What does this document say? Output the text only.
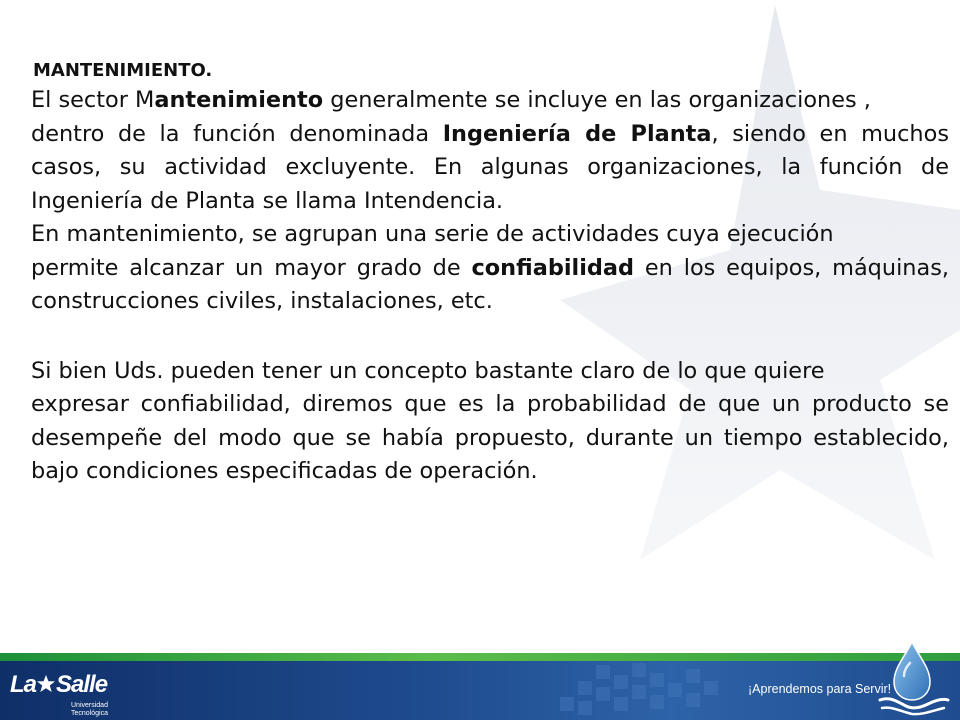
MANTENIMIENTO.

El sector Mantenimiento generalmente se incluye en las organizaciones ,
dentro de la función denominada Ingeniería de Planta, siendo en muchos casos, su actividad excluyente. En algunas organizaciones, la función de Ingeniería de Planta se llama Intendencia.

En mantenimiento, se agrupan una serie de actividades cuya ejecución
permite alcanzar un mayor grado de confiabilidad en los equipos, máquinas, construcciones civiles, instalaciones, etc.

Si bien Uds. pueden tener un concepto bastante claro de lo que quiere
expresar confiabilidad, diremos que es la probabilidad de que un producto se desempeñe del modo que se había propuesto, durante un tiempo establecido, bajo condiciones especificadas de operación.

La Salle
Universidad
Tecnológica
¡Aprendemos para Servir!
